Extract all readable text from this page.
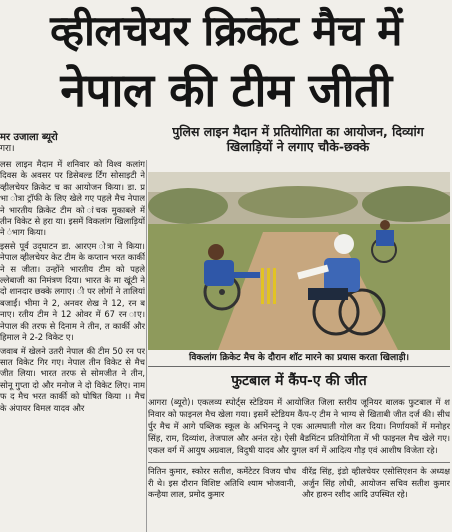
व्हीलचेयर क्रिकेट मैच में
नेपाल की टीम जीती
पुलिस लाइन मैदान में प्रतियोगिता का आयोजन, दिव्यांग
खिलाड़ियों ने लगाए चौके-छक्के
मर उजाला ब्यूरो
गरा।

लस लाइन मैदान में शनिवार को विश्व कलांग दिवस के अवसर पर डिसेबल्ड र्टिंग सोसाइटी ने व्हीलचेयर क्रिकेट च का आयोजन किया। डा. प्रभा ोत्रा ट्रॉफी के लिए खेले गए पहले मैच नेपाल ने भारतीय क्रिकेट टीम को ांचक मुकाबले में तीन विकेट से हरा या। इसमें विकलांग खिलाड़ियों ने ंभाग किया।

इससे पूर्व उद्‌घाटन डा. आरएम ोत्रा ने किया। नेपाल व्हीलचेयर केट टीम के कप्तान भरत कार्की ने स जीता। उन्होंने भारतीय टीम को पहले ल्लेबाजी का निमंत्रण दिया। भारत के मा खूंटी ने दो शानदार छक्के लगाए। ी पर लोगों ने तालियां बजाईं। भीमा ने 2, अनवर शेख ने 12, रन बनाए। रतीय टीम ने 12 ओवर में 67 रन ाए। नेपाल की तरफ से दिनाम ने तीन, त कार्की और हिमाल ने 2-2 विकेट ए।

जवाब में खेलने उतरी नेपाल की टीम 50 रन पर सात विकेट गिर गए। नेपाल तीन विकेट से मैच जीत लिया। भारत तरफ से सोमजीत ने तीन, सोनू गुप्ता दो और मनोज ने दो विकेट लिए। नाम फ द मैच भरत कार्की को घोषित किया ।। मैच के अंपायर विमल यादव और

विकलांग क्रिकेट मैच के दौरान शॉट मारने का प्रयास करता खिलाड़ी।
फुटबाल में कैंप-ए की जीत
आगरा (ब्यूरो)। एकलव्य स्पोर्ट्स स्टेडियम में आयोजित जिला स्तरीय जूनियर बालक फुटबाल में शनिवार को फाइनल मैच खेला गया। इसमें स्टेडियम कैंप-ए टीम ने भाग्य से खिताबी जीत दर्ज की। सीधर्पुर मैच में आगे पब्लिक स्कूल के अभिनन्दु ने एक आत्मघाती गोल कर दिया। निर्णायकों में मनोहर सिंह, राम, दिव्यांश, तेजपाल और अनंत रहे। ऐसी बैडमिंटन प्रतियोगिता में भी फाइनल मैच खेले गए। एकल वर्ग में आयुष अग्रवाल, विदुषी यादव और युगल वर्ग में आदित्य गौड़ एवं आशीष विजेता रहे।
नितिन कुमार, स्कोरर सतीश, कमेंटेटर विजय चौधरी थे। इस दौरान विशिष्ट अतिथि श्याम भोजवानी, कन्हैया लाल, प्रमोद कुमार
वीरेंद्र सिंह, इंडो व्हीलचेयर एसोसिएशन के अध्यक्ष अर्जुन सिंह लोधी, आयोजन सचिव सतीश कुमार और हारुन रशीद आदि उपस्थित रहे।
